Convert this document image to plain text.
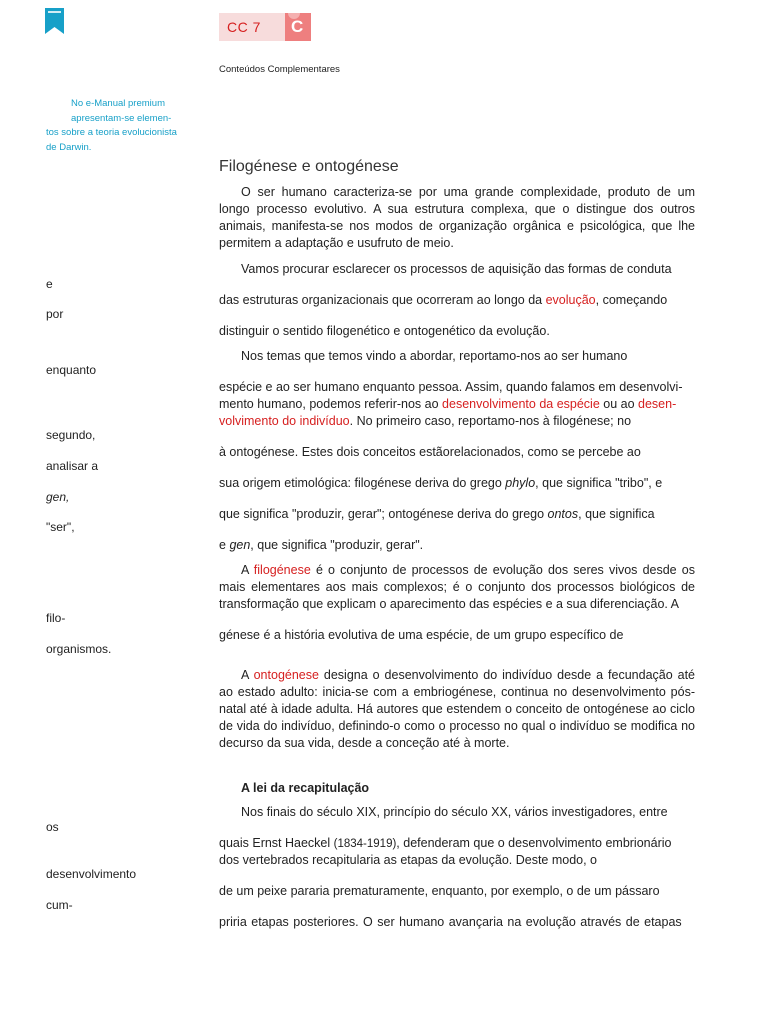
CC 7 C
Conteúdos Complementares
No e-Manual premium
apresentam-se elemen-
tos sobre a teoria evolucionista
de Darwin.
Filogénese e ontogénese
O ser humano caracteriza-se por uma grande complexidade, produto de um longo processo evolutivo. A sua estrutura complexa, que o distingue dos outros animais, manifesta-se nos modos de organização orgânica e psicológica, que lhe permitem a adaptação e usufruto de meio.
Vamos procurar esclarecer os processos de aquisição das formas de conduta
das estruturas organizacionais que ocorreram ao longo da evolução, começando
distinguir o sentido filogenético e ontogenético da evolução.
Nos temas que temos vindo a abordar, reportamo-nos ao ser humano
espécie e ao ser humano enquanto pessoa. Assim, quando falamos em desenvolvi-
mento humano, podemos referir-nos ao desenvolvimento da espécie ou ao desen-
volvimento do indivíduo. No primeiro caso, reportamo-nos à filogénese; no
à ontogénese. Estes dois conceitos estãorelacionados, como se percebe ao
sua origem etimológica: filogénese deriva do grego phylo, que significa "tribo", e
que significa "produzir, gerar"; ontogénese deriva do grego ontos, que significa
e gen, que significa "produzir, gerar".
A filogénese é o conjunto de processos de evolução dos seres vivos desde os mais elementares aos mais complexos; é o conjunto dos processos biológicos de transformação que explicam o aparecimento das espécies e a sua diferenciação. A
génese é a história evolutiva de uma espécie, de um grupo específico de
A ontogénese designa o desenvolvimento do indivíduo desde a fecundação até ao estado adulto: inicia-se com a embriogénese, continua no desenvolvimento pós-natal até à idade adulta. Há autores que estendem o conceito de ontogénese ao ciclo de vida do indivíduo, definindo-o como o processo no qual o indivíduo se modifica no decurso da sua vida, desde a conceção até à morte.
A lei da recapitulação
Nos finais do século XIX, princípio do século XX, vários investigadores, entre
quais Ernst Haeckel (1834-1919), defenderam que o desenvolvimento embrionário
dos vertebrados recapitularia as etapas da evolução. Deste modo, o
de um peixe pararia prematuramente, enquanto, por exemplo, o de um pássaro
priria etapas posteriores. O ser humano avançaria na evolução através de etapas
e
por
enquanto
segundo,
analisar a
gen,
"ser",
filo-
organismos.
os
desenvolvimento
cum-
